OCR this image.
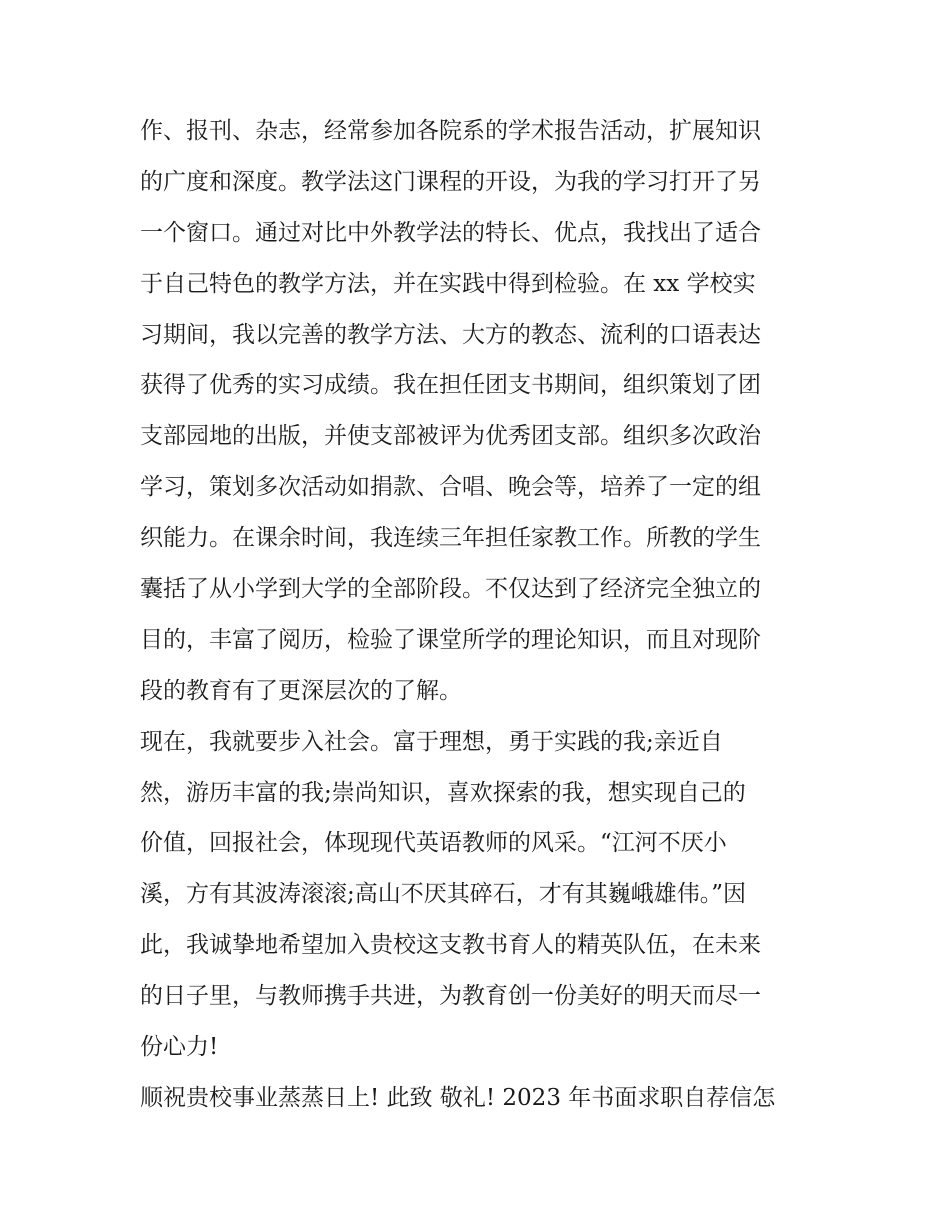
作、报刊、杂志，经常参加各院系的学术报告活动，扩展知识
的广度和深度。教学法这门课程的开设，为我的学习打开了另
一个窗口。通过对比中外教学法的特长、优点，我找出了适合
于自己特色的教学方法，并在实践中得到检验。在 xx 学校实
习期间，我以完善的教学方法、大方的教态、流利的口语表达
获得了优秀的实习成绩。我在担任团支书期间，组织策划了团
支部园地的出版，并使支部被评为优秀团支部。组织多次政治
学习，策划多次活动如捐款、合唱、晚会等，培养了一定的组
织能力。在课余时间，我连续三年担任家教工作。所教的学生
囊括了从小学到大学的全部阶段。不仅达到了经济完全独立的
目的，丰富了阅历，检验了课堂所学的理论知识，而且对现阶
段的教育有了更深层次的了解。
现在，我就要步入社会。富于理想，勇于实践的我;亲近自
然，游历丰富的我;崇尚知识，喜欢探索的我，想实现自己的
价值，回报社会，体现现代英语教师的风采。“江河不厌小
溪，方有其波涛滚滚;高山不厌其碎石，才有其巍峨雄伟。”因
此，我诚挚地希望加入贵校这支教书育人的精英队伍，在未来
的日子里，与教师携手共进，为教育创一份美好的明天而尽一
份心力!
顺祝贵校事业蒸蒸日上! 此致 敬礼! 2023 年书面求职自荐信怎
